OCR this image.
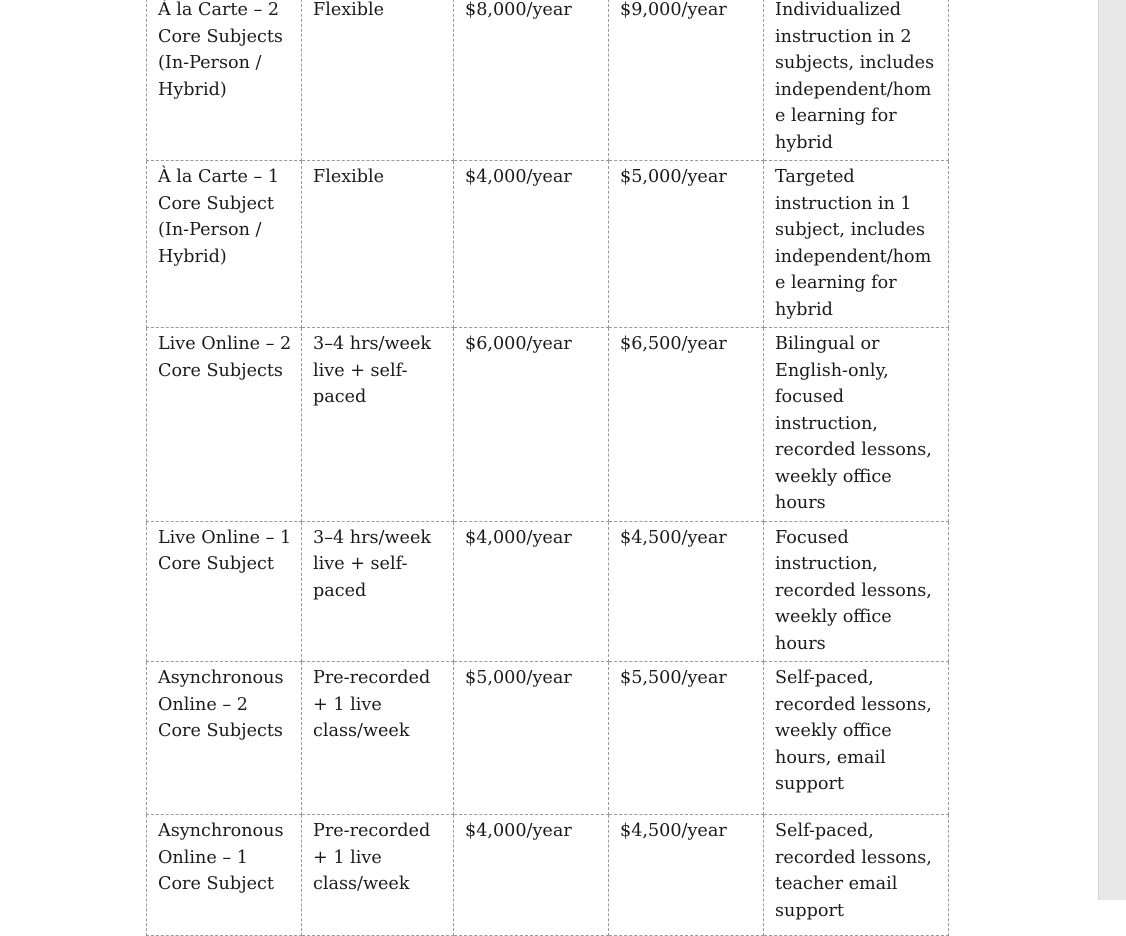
À la Carte – 2 Core Subjects (In-Person / Hybrid)	Flexible	$8,000/year	$9,000/year	Individualized instruction in 2 subjects, includes independent/home learning for hybrid
À la Carte – 1 Core Subject (In-Person / Hybrid)	Flexible	$4,000/year	$5,000/year	Targeted instruction in 1 subject, includes independent/home learning for hybrid
Live Online – 2 Core Subjects	3–4 hrs/week live + self-paced	$6,000/year	$6,500/year	Bilingual or English-only, focused instruction, recorded lessons, weekly office hours
Live Online – 1 Core Subject	3–4 hrs/week live + self-paced	$4,000/year	$4,500/year	Focused instruction, recorded lessons, weekly office hours
Asynchronous Online – 2 Core Subjects	Pre-recorded + 1 live class/week	$5,000/year	$5,500/year	Self-paced, recorded lessons, weekly office hours, email support
Asynchronous Online – 1 Core Subject	Pre-recorded + 1 live class/week	$4,000/year	$4,500/year	Self-paced, recorded lessons, teacher email support
